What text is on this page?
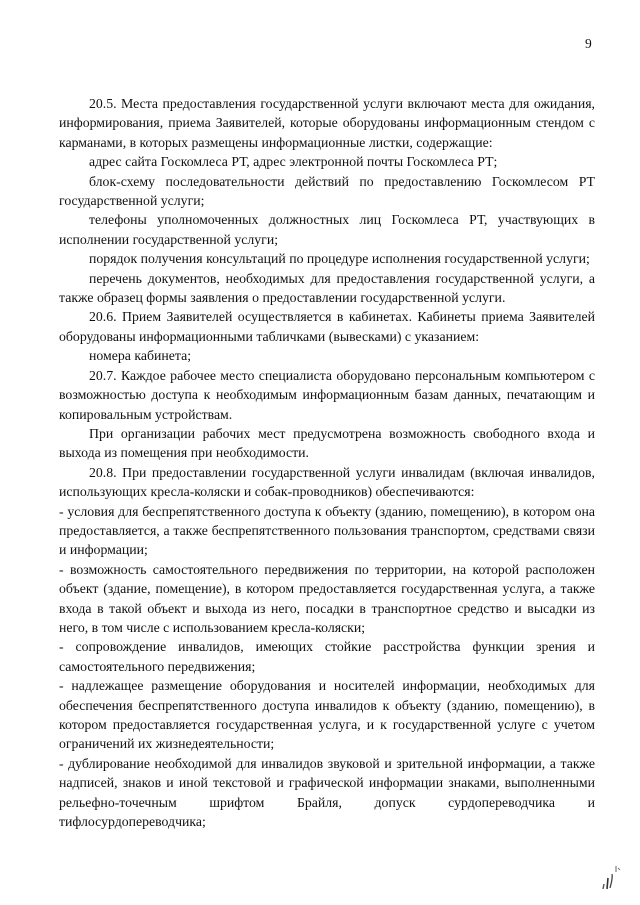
9

20.5. Места предоставления государственной услуги включают места для ожидания, информирования, приема Заявителей, которые оборудованы информационным стендом с карманами, в которых размещены информационные листки, содержащие:

адрес сайта Госкомлеса РТ, адрес электронной почты Госкомлеса РТ;

блок-схему последовательности действий по предоставлению Госкомлесом РТ государственной услуги;

телефоны уполномоченных должностных лиц Госкомлеса РТ, участвующих в исполнении государственной услуги;

порядок получения консультаций по процедуре исполнения государственной услуги;

перечень документов, необходимых для предоставления государственной услуги, а также образец формы заявления о предоставлении государственной услуги.

20.6. Прием Заявителей осуществляется в кабинетах. Кабинеты приема Заявителей оборудованы информационными табличками (вывесками) с указанием:

номера кабинета;

20.7. Каждое рабочее место специалиста оборудовано персональным компьютером с возможностью доступа к необходимым информационным базам данных, печатающим и копировальным устройствам.

При организации рабочих мест предусмотрена возможность свободного входа и выхода из помещения при необходимости.

20.8. При предоставлении государственной услуги инвалидам (включая инвалидов, использующих кресла-коляски и собак-проводников) обеспечиваются:

- условия для беспрепятственного доступа к объекту (зданию, помещению), в котором она предоставляется, а также беспрепятственного пользования транспортом, средствами связи и информации;

- возможность самостоятельного передвижения по территории, на которой расположен объект (здание, помещение), в котором предоставляется государственная услуга, а также входа в такой объект и выхода из него, посадки в транспортное средство и высадки из него, в том числе с использованием кресла-коляски;

- сопровождение инвалидов, имеющих стойкие расстройства функции зрения и самостоятельного передвижения;

- надлежащее размещение оборудования и носителей информации, необходимых для обеспечения беспрепятственного доступа инвалидов к объекту (зданию, помещению), в котором предоставляется государственная услуга, и к государственной услуге с учетом ограничений их жизнедеятельности;

- дублирование необходимой для инвалидов звуковой и зрительной информации, а также надписей, знаков и иной текстовой и графической информации знаками, выполненными рельефно-точечным шрифтом Брайля, допуск сурдопереводчика и тифлосурдопереводчика;
